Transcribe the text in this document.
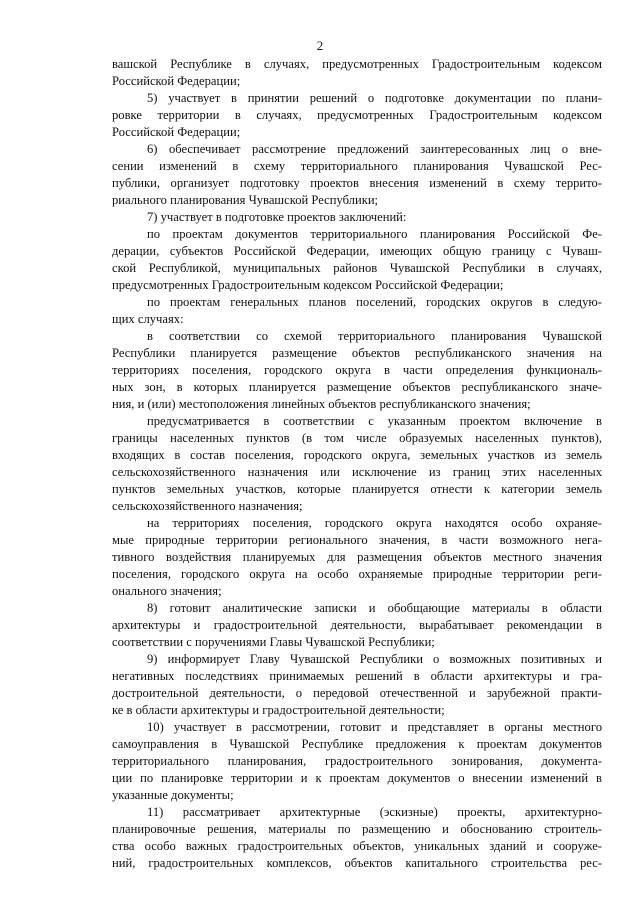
2
вашской Республике в случаях, предусмотренных Градостроительным кодексом
Российской Федерации;
5) участвует в принятии решений о подготовке документации по плани-
ровке территории в случаях, предусмотренных Градостроительным кодексом
Российской Федерации;
6) обеспечивает рассмотрение предложений заинтересованных лиц о вне-
сении изменений в схему территориального планирования Чувашской Рес-
публики, организует подготовку проектов внесения изменений в схему террито-
риального планирования Чувашской Республики;
7) участвует в подготовке проектов заключений:
по проектам документов территориального планирования Российской Фе-
дерации, субъектов Российской Федерации, имеющих общую границу с Чуваш-
ской Республикой, муниципальных районов Чувашской Республики в случаях,
предусмотренных Градостроительным кодексом Российской Федерации;
по проектам генеральных планов поселений, городских округов в следую-
щих случаях:
в соответствии со схемой территориального планирования Чувашской
Республики планируется размещение объектов республиканского значения на
территориях поселения, городского округа в части определения функциональ-
ных зон, в которых планируется размещение объектов республиканского значе-
ния, и (или) местоположения линейных объектов республиканского значения;
предусматривается в соответствии с указанным проектом включение в
границы населенных пунктов (в том числе образуемых населенных пунктов),
входящих в состав поселения, городского округа, земельных участков из земель
сельскохозяйственного назначения или исключение из границ этих населенных
пунктов земельных участков, которые планируется отнести к категории земель
сельскохозяйственного назначения;
на территориях поселения, городского округа находятся особо охраняе-
мые природные территории регионального значения, в части возможного нега-
тивного воздействия планируемых для размещения объектов местного значения
поселения, городского округа на особо охраняемые природные территории реги-
онального значения;
8) готовит аналитические записки и обобщающие материалы в области
архитектуры и градостроительной деятельности, вырабатывает рекомендации в
соответствии с поручениями Главы Чувашской Республики;
9) информирует Главу Чувашской Республики о возможных позитивных и
негативных последствиях принимаемых решений в области архитектуры и гра-
достроительной деятельности, о передовой отечественной и зарубежной практи-
ке в области архитектуры и градостроительной деятельности;
10) участвует в рассмотрении, готовит и представляет в органы местного
самоуправления в Чувашской Республике предложения к проектам документов
территориального планирования, градостроительного зонирования, документа-
ции по планировке территории и к проектам документов о внесении изменений в
указанные документы;
11) рассматривает архитектурные (эскизные) проекты, архитектурно-
планировочные решения, материалы по размещению и обоснованию строитель-
ства особо важных градостроительных объектов, уникальных зданий и сооруже-
ний, градостроительных комплексов, объектов капитального строительства рес-
